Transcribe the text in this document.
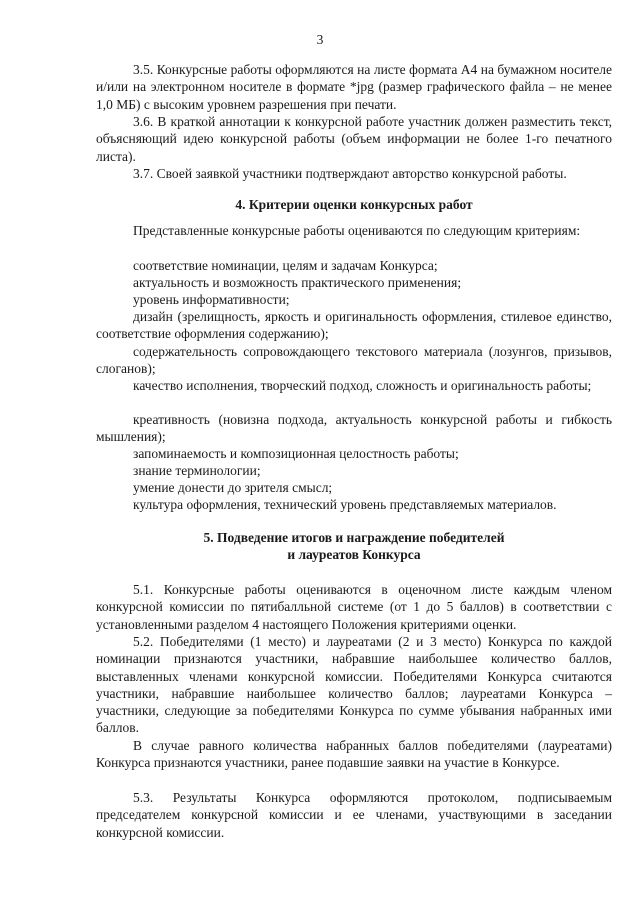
3
3.5. Конкурсные работы оформляются на листе формата А4 на бумажном носителе и/или на электронном носителе в формате *jpg (размер графического файла – не менее 1,0 МБ) с высоким уровнем разрешения при печати.
3.6. В краткой аннотации к конкурсной работе участник должен разместить текст, объясняющий идею конкурсной работы (объем информации не более 1-го печатного листа).
3.7. Своей заявкой участники подтверждают авторство конкурсной работы.
4. Критерии оценки конкурсных работ
Представленные конкурсные работы оцениваются по следующим критериям:
соответствие номинации, целям и задачам Конкурса;
актуальность и возможность практического применения;
уровень информативности;
дизайн (зрелищность, яркость и оригинальность оформления, стилевое единство, соответствие оформления содержанию);
содержательность сопровождающего текстового материала (лозунгов, призывов, слоганов);
качество исполнения, творческий подход, сложность и оригинальность работы;
креативность (новизна подхода, актуальность конкурсной работы и гибкость мышления);
запоминаемость и композиционная целостность работы;
знание терминологии;
умение донести до зрителя смысл;
культура оформления, технический уровень представляемых материалов.
5. Подведение итогов и награждение победителей
и лауреатов Конкурса
5.1. Конкурсные работы оцениваются в оценочном листе каждым членом конкурсной комиссии по пятибалльной системе (от 1 до 5 баллов) в соответствии с установленными разделом 4 настоящего Положения критериями оценки.
5.2. Победителями (1 место) и лауреатами (2 и 3 место) Конкурса по каждой номинации признаются участники, набравшие наибольшее количество баллов, выставленных членами конкурсной комиссии. Победителями Конкурса считаются участники, набравшие наибольшее количество баллов; лауреатами Конкурса – участники, следующие за победителями Конкурса по сумме убывания набранных ими баллов.
В случае равного количества набранных баллов победителями (лауреатами) Конкурса признаются участники, ранее подавшие заявки на участие в Конкурсе.
5.3. Результаты Конкурса оформляются протоколом, подписываемым председателем конкурсной комиссии и ее членами, участвующими в заседании конкурсной комиссии.
